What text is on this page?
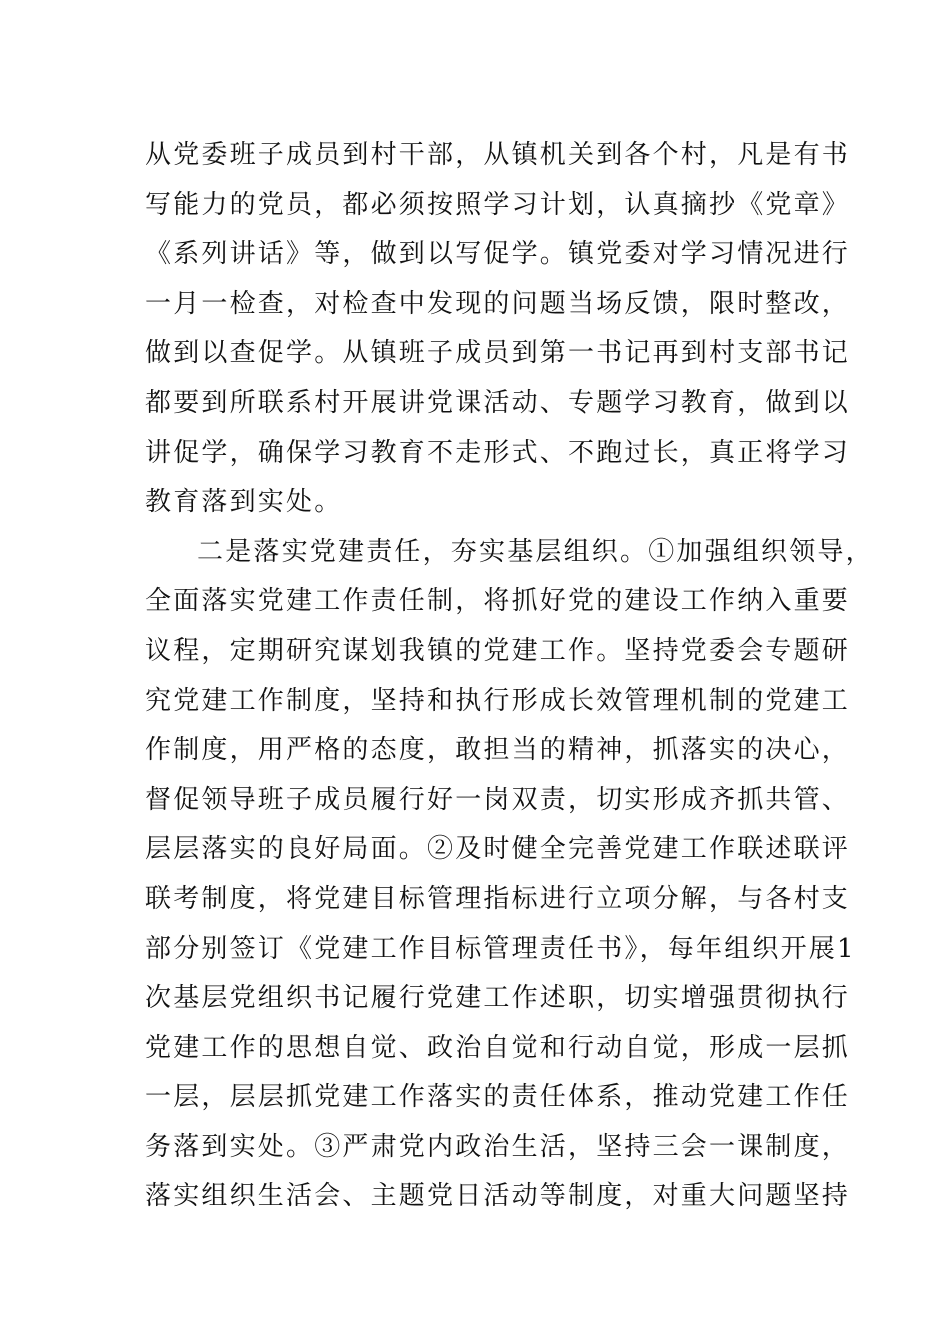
从党委班子成员到村干部，从镇机关到各个村，凡是有书
写能力的党员，都必须按照学习计划，认真摘抄《党章》
《系列讲话》等，做到以写促学。镇党委对学习情况进行
一月一检查，对检查中发现的问题当场反馈，限时整改，
做到以查促学。从镇班子成员到第一书记再到村支部书记
都要到所联系村开展讲党课活动、专题学习教育，做到以
讲促学，确保学习教育不走形式、不跑过长，真正将学习
教育落到实处。
二是落实党建责任，夯实基层组织。①加强组织领导，
全面落实党建工作责任制，将抓好党的建设工作纳入重要
议程，定期研究谋划我镇的党建工作。坚持党委会专题研
究党建工作制度，坚持和执行形成长效管理机制的党建工
作制度，用严格的态度，敢担当的精神，抓落实的决心，
督促领导班子成员履行好一岗双责，切实形成齐抓共管、
层层落实的良好局面。②及时健全完善党建工作联述联评
联考制度，将党建目标管理指标进行立项分解，与各村支
部分别签订《党建工作目标管理责任书》，每年组织开展1
次基层党组织书记履行党建工作述职，切实增强贯彻执行
党建工作的思想自觉、政治自觉和行动自觉，形成一层抓
一层，层层抓党建工作落实的责任体系，推动党建工作任
务落到实处。③严肃党内政治生活，坚持三会一课制度，
落实组织生活会、主题党日活动等制度，对重大问题坚持
